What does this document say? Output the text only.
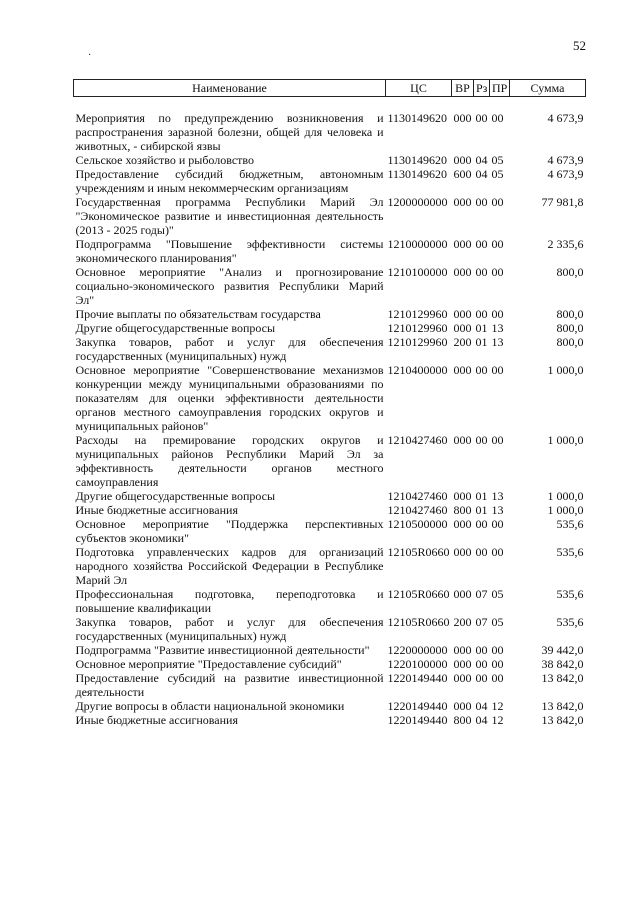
52
·
Наименование	ЦС	ВР	Рз	ПР	Сумма

Мероприятия по предупреждению возникновения и распространения заразной болезни, общей для человека и животных, - сибирской язвы	1130149620	000	00	00	4 673,9
Сельское хозяйство и рыболовство	1130149620	000	04	05	4 673,9
Предоставление субсидий бюджетным, автономным учреждениям и иным некоммерческим организациям	1130149620	600	04	05	4 673,9
Государственная программа Республики Марий Эл "Экономическое развитие и инвестиционная деятельность (2013 - 2025 годы)"	1200000000	000	00	00	77 981,8
Подпрограмма "Повышение эффективности системы экономического планирования"	1210000000	000	00	00	2 335,6
Основное мероприятие "Анализ и прогнозирование социально-экономического развития Республики Марий Эл"	1210100000	000	00	00	800,0
Прочие выплаты по обязательствам государства	1210129960	000	00	00	800,0
Другие общегосударственные вопросы	1210129960	000	01	13	800,0
Закупка товаров, работ и услуг для обеспечения государственных (муниципальных) нужд	1210129960	200	01	13	800,0
Основное мероприятие "Совершенствование механизмов конкуренции между муниципальными образованиями по показателям для оценки эффективности деятельности органов местного самоуправления городских округов и муниципальных районов"	1210400000	000	00	00	1 000,0
Расходы на премирование городских округов и муниципальных районов Республики Марий Эл за эффективность деятельности органов местного самоуправления	1210427460	000	00	00	1 000,0
Другие общегосударственные вопросы	1210427460	000	01	13	1 000,0
Иные бюджетные ассигнования	1210427460	800	01	13	1 000,0
Основное мероприятие "Поддержка перспективных субъектов экономики"	1210500000	000	00	00	535,6
Подготовка управленческих кадров для организаций народного хозяйства Российской Федерации в Республике Марий Эл	12105R0660	000	00	00	535,6
Профессиональная подготовка, переподготовка и повышение квалификации	12105R0660	000	07	05	535,6
Закупка товаров, работ и услуг для обеспечения государственных (муниципальных) нужд	12105R0660	200	07	05	535,6
Подпрограмма "Развитие инвестиционной деятельности"	1220000000	000	00	00	39 442,0
Основное мероприятие "Предоставление субсидий"	1220100000	000	00	00	38 842,0
Предоставление субсидий на развитие инвестиционной деятельности	1220149440	000	00	00	13 842,0
Другие вопросы в области национальной экономики	1220149440	000	04	12	13 842,0
Иные бюджетные ассигнования	1220149440	800	04	12	13 842,0
